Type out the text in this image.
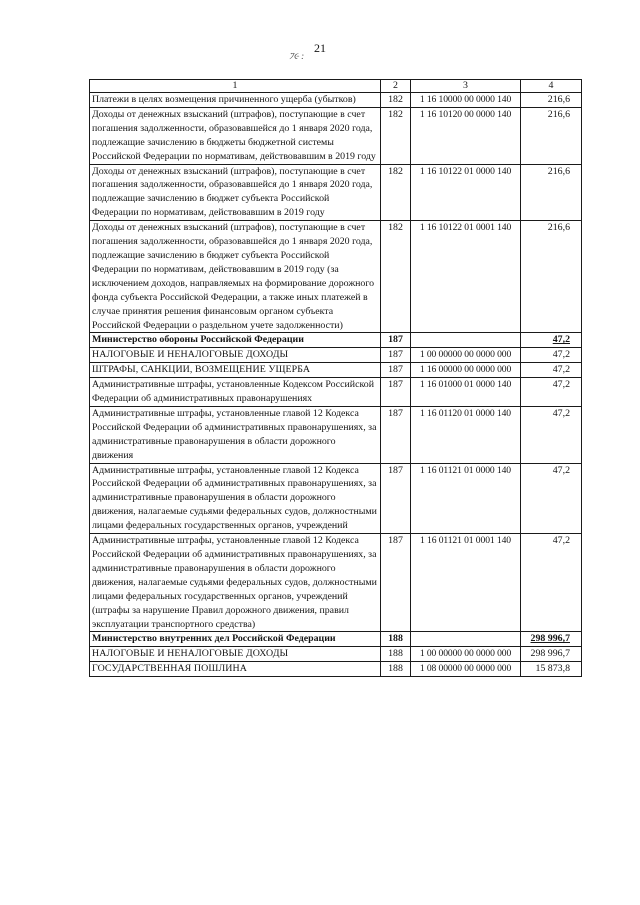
21
ﾌ૯ :
1	2	3	4
Платежи в целях возмещения причиненного ущерба (убытков)	182	1 16 10000 00 0000 140	216,6
Доходы от денежных взысканий (штрафов), поступающие в счет погашения задолженности, образовавшейся до 1 января 2020 года, подлежащие зачислению в бюджеты бюджетной системы Российской Федерации по нормативам, действовавшим в 2019 году	182	1 16 10120 00 0000 140	216,6
Доходы от денежных взысканий (штрафов), поступающие в счет погашения задолженности, образовавшейся до 1 января 2020 года, подлежащие зачислению в бюджет субъекта Российской Федерации по нормативам, действовавшим в 2019 году	182	1 16 10122 01 0000 140	216,6
Доходы от денежных взысканий (штрафов), поступающие в счет погашения задолженности, образовавшейся до 1 января 2020 года, подлежащие зачислению в бюджет субъекта Российской Федерации по нормативам, действовавшим в 2019 году (за исключением доходов, направляемых на формирование дорожного фонда субъекта Российской Федерации, а также иных платежей в случае принятия решения финансовым органом субъекта Российской Федерации о раздельном учете задолженности)	182	1 16 10122 01 0001 140	216,6
Министерство обороны Российской Федерации	187		47,2
НАЛОГОВЫЕ И НЕНАЛОГОВЫЕ ДОХОДЫ	187	1 00 00000 00 0000 000	47,2
ШТРАФЫ, САНКЦИИ, ВОЗМЕЩЕНИЕ УЩЕРБА	187	1 16 00000 00 0000 000	47,2
Административные штрафы, установленные Кодексом Российской Федерации об административных правонарушениях	187	1 16 01000 01 0000 140	47,2
Административные штрафы, установленные главой 12 Кодекса Российской Федерации об административных правонарушениях, за административные правонарушения в области дорожного движения	187	1 16 01120 01 0000 140	47,2
Административные штрафы, установленные главой 12 Кодекса Российской Федерации об административных правонарушениях, за административные правонарушения в области дорожного движения, налагаемые судьями федеральных судов, должностными лицами федеральных государственных органов, учреждений	187	1 16 01121 01 0000 140	47,2
Административные штрафы, установленные главой 12 Кодекса Российской Федерации об административных правонарушениях, за административные правонарушения в области дорожного движения, налагаемые судьями федеральных судов, должностными лицами федеральных государственных органов, учреждений (штрафы за нарушение Правил дорожного движения, правил эксплуатации транспортного средства)	187	1 16 01121 01 0001 140	47,2
Министерство внутренних дел Российской Федерации	188		298 996,7
НАЛОГОВЫЕ И НЕНАЛОГОВЫЕ ДОХОДЫ	188	1 00 00000 00 0000 000	298 996,7
ГОСУДАРСТВЕННАЯ ПОШЛИНА	188	1 08 00000 00 0000 000	15 873,8
